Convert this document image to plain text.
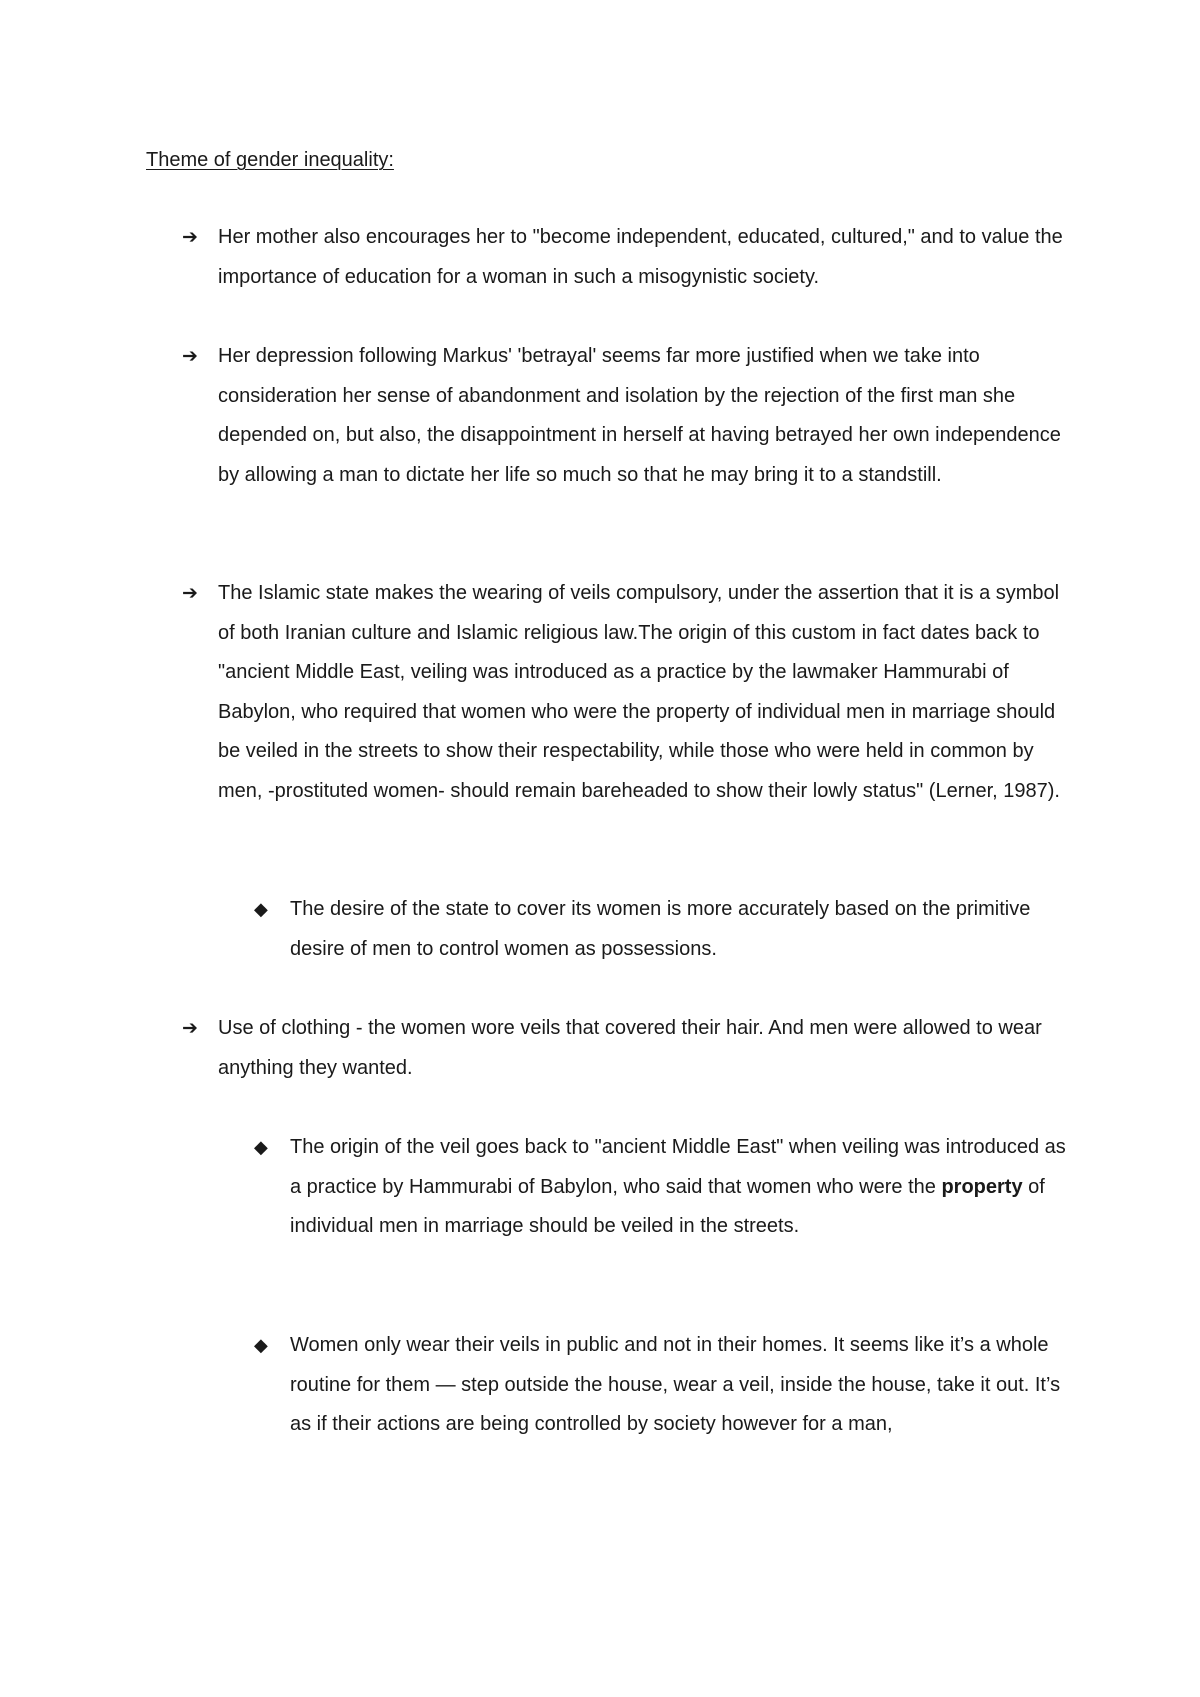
Theme of gender inequality:
➔	Her mother also encourages her to "become independent, educated, cultured," and to value the importance of education for a woman in such a misogynistic society.
➔	Her depression following Markus' 'betrayal' seems far more justified when we take into consideration her sense of abandonment and isolation by the rejection of the first man she depended on, but also, the disappointment in herself at having betrayed her own independence by allowing a man to dictate her life so much so that he may bring it to a standstill.
➔	The Islamic state makes the wearing of veils compulsory, under the assertion that it is a symbol of both Iranian culture and Islamic religious law.The origin of this custom in fact dates back to "ancient Middle East, veiling was introduced as a practice by the lawmaker Hammurabi of Babylon, who required that women who were the property of individual men in marriage should be veiled in the streets to show their respectability, while those who were held in common by men, -prostituted women- should remain bareheaded to show their lowly status" (Lerner, 1987).
◆	The desire of the state to cover its women is more accurately based on the primitive desire of men to control women as possessions.
➔	Use of clothing - the women wore veils that covered their hair. And men were allowed to wear anything they wanted.
◆	The origin of the veil goes back to "ancient Middle East" when veiling was introduced as a practice by Hammurabi of Babylon, who said that women who were the property of individual men in marriage should be veiled in the streets.
◆	Women only wear their veils in public and not in their homes. It seems like it’s a whole routine for them — step outside the house, wear a veil, inside the house, take it out. It’s as if their actions are being controlled by society however for a man,
